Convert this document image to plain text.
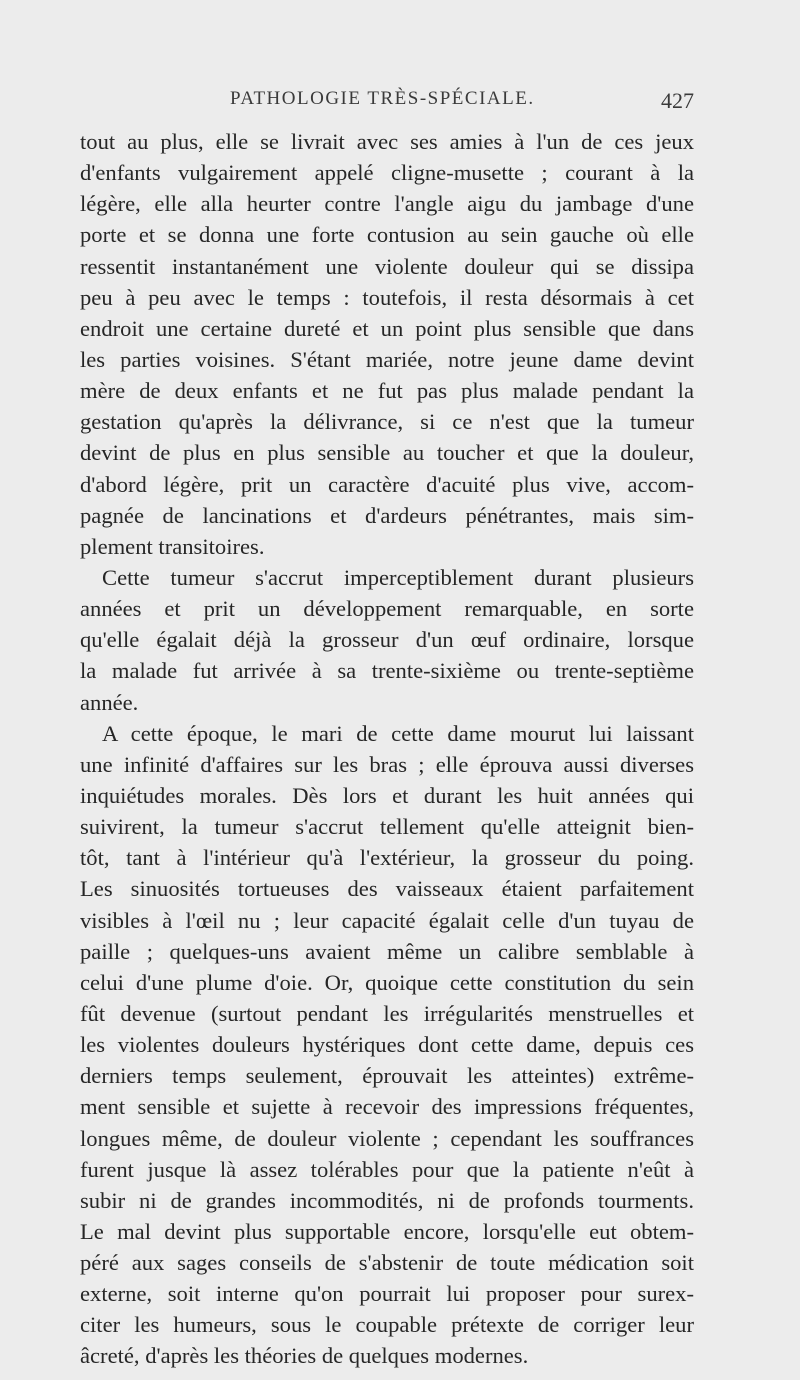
PATHOLOGIE TRÈS-SPÉCIALE.	427
tout au plus, elle se livrait avec ses amies à l'un de ces jeux
d'enfants vulgairement appelé cligne-musette ; courant à la
légère, elle alla heurter contre l'angle aigu du jambage d'une
porte et se donna une forte contusion au sein gauche où elle
ressentit instantanément une violente douleur qui se dissipa
peu à peu avec le temps : toutefois, il resta désormais à cet
endroit une certaine dureté et un point plus sensible que dans
les parties voisines. S'étant mariée, notre jeune dame devint
mère de deux enfants et ne fut pas plus malade pendant la
gestation qu'après la délivrance, si ce n'est que la tumeur
devint de plus en plus sensible au toucher et que la douleur,
d'abord légère, prit un caractère d'acuité plus vive, accom-
pagnée de lancinations et d'ardeurs pénétrantes, mais sim-
plement transitoires.
Cette tumeur s'accrut imperceptiblement durant plusieurs
années et prit un développement remarquable, en sorte
qu'elle égalait déjà la grosseur d'un œuf ordinaire, lorsque
la malade fut arrivée à sa trente-sixième ou trente-septième
année.
A cette époque, le mari de cette dame mourut lui laissant
une infinité d'affaires sur les bras ; elle éprouva aussi diverses
inquiétudes morales. Dès lors et durant les huit années qui
suivirent, la tumeur s'accrut tellement qu'elle atteignit bien-
tôt, tant à l'intérieur qu'à l'extérieur, la grosseur du poing.
Les sinuosités tortueuses des vaisseaux étaient parfaitement
visibles à l'œil nu ; leur capacité égalait celle d'un tuyau de
paille ; quelques-uns avaient même un calibre semblable à
celui d'une plume d'oie. Or, quoique cette constitution du sein
fût devenue (surtout pendant les irrégularités menstruelles et
les violentes douleurs hystériques dont cette dame, depuis ces
derniers temps seulement, éprouvait les atteintes) extrême-
ment sensible et sujette à recevoir des impressions fréquentes,
longues même, de douleur violente ; cependant les souffrances
furent jusque là assez tolérables pour que la patiente n'eût à
subir ni de grandes incommodités, ni de profonds tourments.
Le mal devint plus supportable encore, lorsqu'elle eut obtem-
péré aux sages conseils de s'abstenir de toute médication soit
externe, soit interne qu'on pourrait lui proposer pour surex-
citer les humeurs, sous le coupable prétexte de corriger leur
âcreté, d'après les théories de quelques modernes.
